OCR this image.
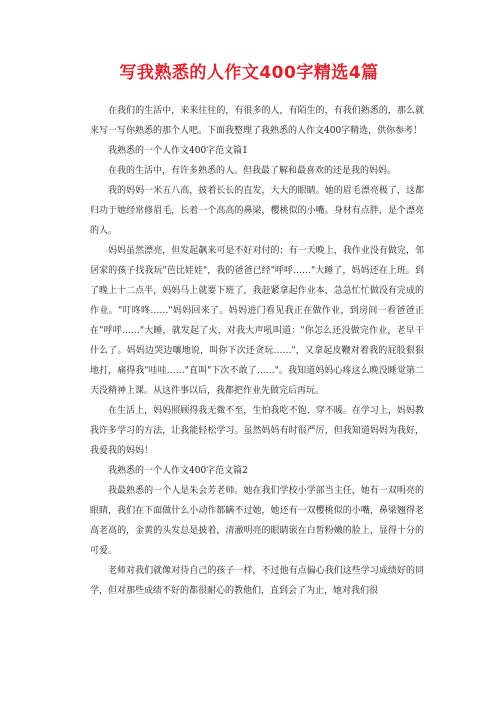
写我熟悉的人作文400字精选4篇

在我们的生活中，来来往往的，有很多的人，有陌生的，有我们熟悉的，那么就来写一写你熟悉的那个人吧。下面我整理了我熟悉的人作文400字精选，供你参考！

我熟悉的一个人作文400字范文篇1

在我的生活中，有许多熟悉的人。但我最了解和最喜欢的还是我的妈妈。

我的妈妈一米五八高，披着长长的直发，大大的眼睛。她的眉毛漂亮极了，这都归功于她经常修眉毛，长着一个高高的鼻梁，樱桃似的小嘴。身材有点胖，是个漂亮的人。

妈妈虽然漂亮，但发起飙来可是不好对付的；有一天晚上，我作业没有做完，邻居家的孩子找我玩"芭比娃娃"，我的爸爸已经"呼呼……"大睡了，妈妈还在上班。到了晚上十二点半，妈妈马上就要下班了，我赶紧拿起作业本，急急忙忙做没有完成的作业。"叮咚咚……"妈妈回来了。妈妈进门看见我正在做作业，到房间一看爸爸正在"呼呼……"大睡，就发起了火，对我大声吼叫道："你怎么还没做完作业，老早干什么了。妈妈边哭边嚷地说，叫你下次还贪玩……"，又拿起皮鞭对着我的屁股狠狠地打，痛得我"哇哇……"直叫"下次不敢了……"。我知道妈妈心疼这么晚没睡觉第二天没精神上课。从这件事以后，我都把作业先做完后再玩。

在生活上，妈妈照顾得我无微不至，生怕我吃不饱、穿不暖。在学习上，妈妈教我许多学习的方法，让我能轻松学习。虽然妈妈有时很严厉，但我知道妈妈为我好，我爱我的妈妈！

我熟悉的一个人作文400字范文篇2

我最熟悉的一个人是朱会芳老师。她在我们学校小学部当主任，她有一双明亮的眼睛，我们在下面做什么小动作都瞒不过她，她还有一双樱桃似的小嘴，鼻梁翘得老高老高的，金黄的头发总是披着，清澈明亮的眼睛嵌在白皙粉嫩的脸上，显得十分的可爱。

老师对我们就像对待自己的孩子一样，不过他有点偏心我们这些学习成绩好的同学，但对那些成绩不好的都很耐心的教他们，直到会了为止，她对我们很
